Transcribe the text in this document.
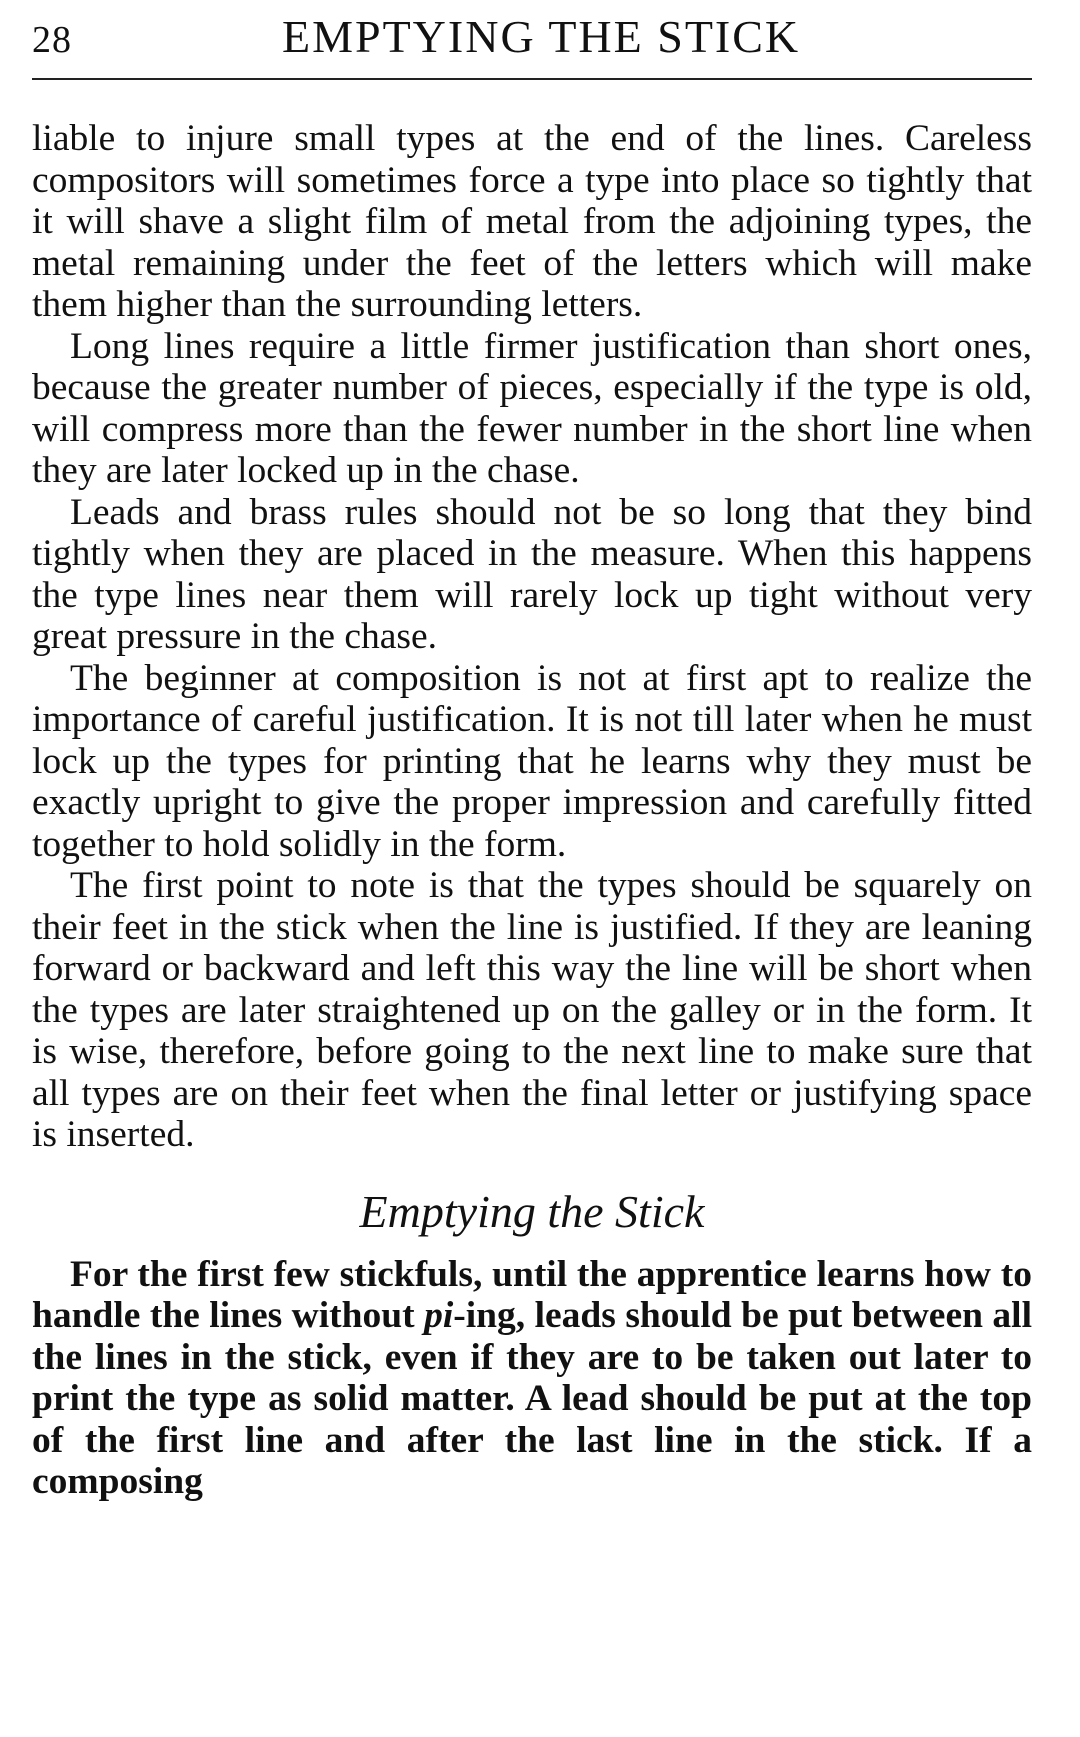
28	EMPTYING THE STICK

liable to injure small types at the end of the lines. Careless compositors will sometimes force a type into place so tightly that it will shave a slight film of metal from the adjoining types, the metal remaining under the feet of the letters which will make them higher than the surrounding letters.

Long lines require a little firmer justification than short ones, because the greater number of pieces, especially if the type is old, will compress more than the fewer number in the short line when they are later locked up in the chase.

Leads and brass rules should not be so long that they bind tightly when they are placed in the measure. When this happens the type lines near them will rarely lock up tight without very great pressure in the chase.

The beginner at composition is not at first apt to realize the importance of careful justification. It is not till later when he must lock up the types for printing that he learns why they must be exactly upright to give the proper impression and carefully fitted together to hold solidly in the form.

The first point to note is that the types should be squarely on their feet in the stick when the line is justified. If they are leaning forward or backward and left this way the line will be short when the types are later straightened up on the galley or in the form. It is wise, therefore, before going to the next line to make sure that all types are on their feet when the final letter or justifying space is inserted.

Emptying the Stick

For the first few stickfuls, until the apprentice learns how to handle the lines without pi-ing, leads should be put between all the lines in the stick, even if they are to be taken out later to print the type as solid matter. A lead should be put at the top of the first line and after the last line in the stick. If a composing
